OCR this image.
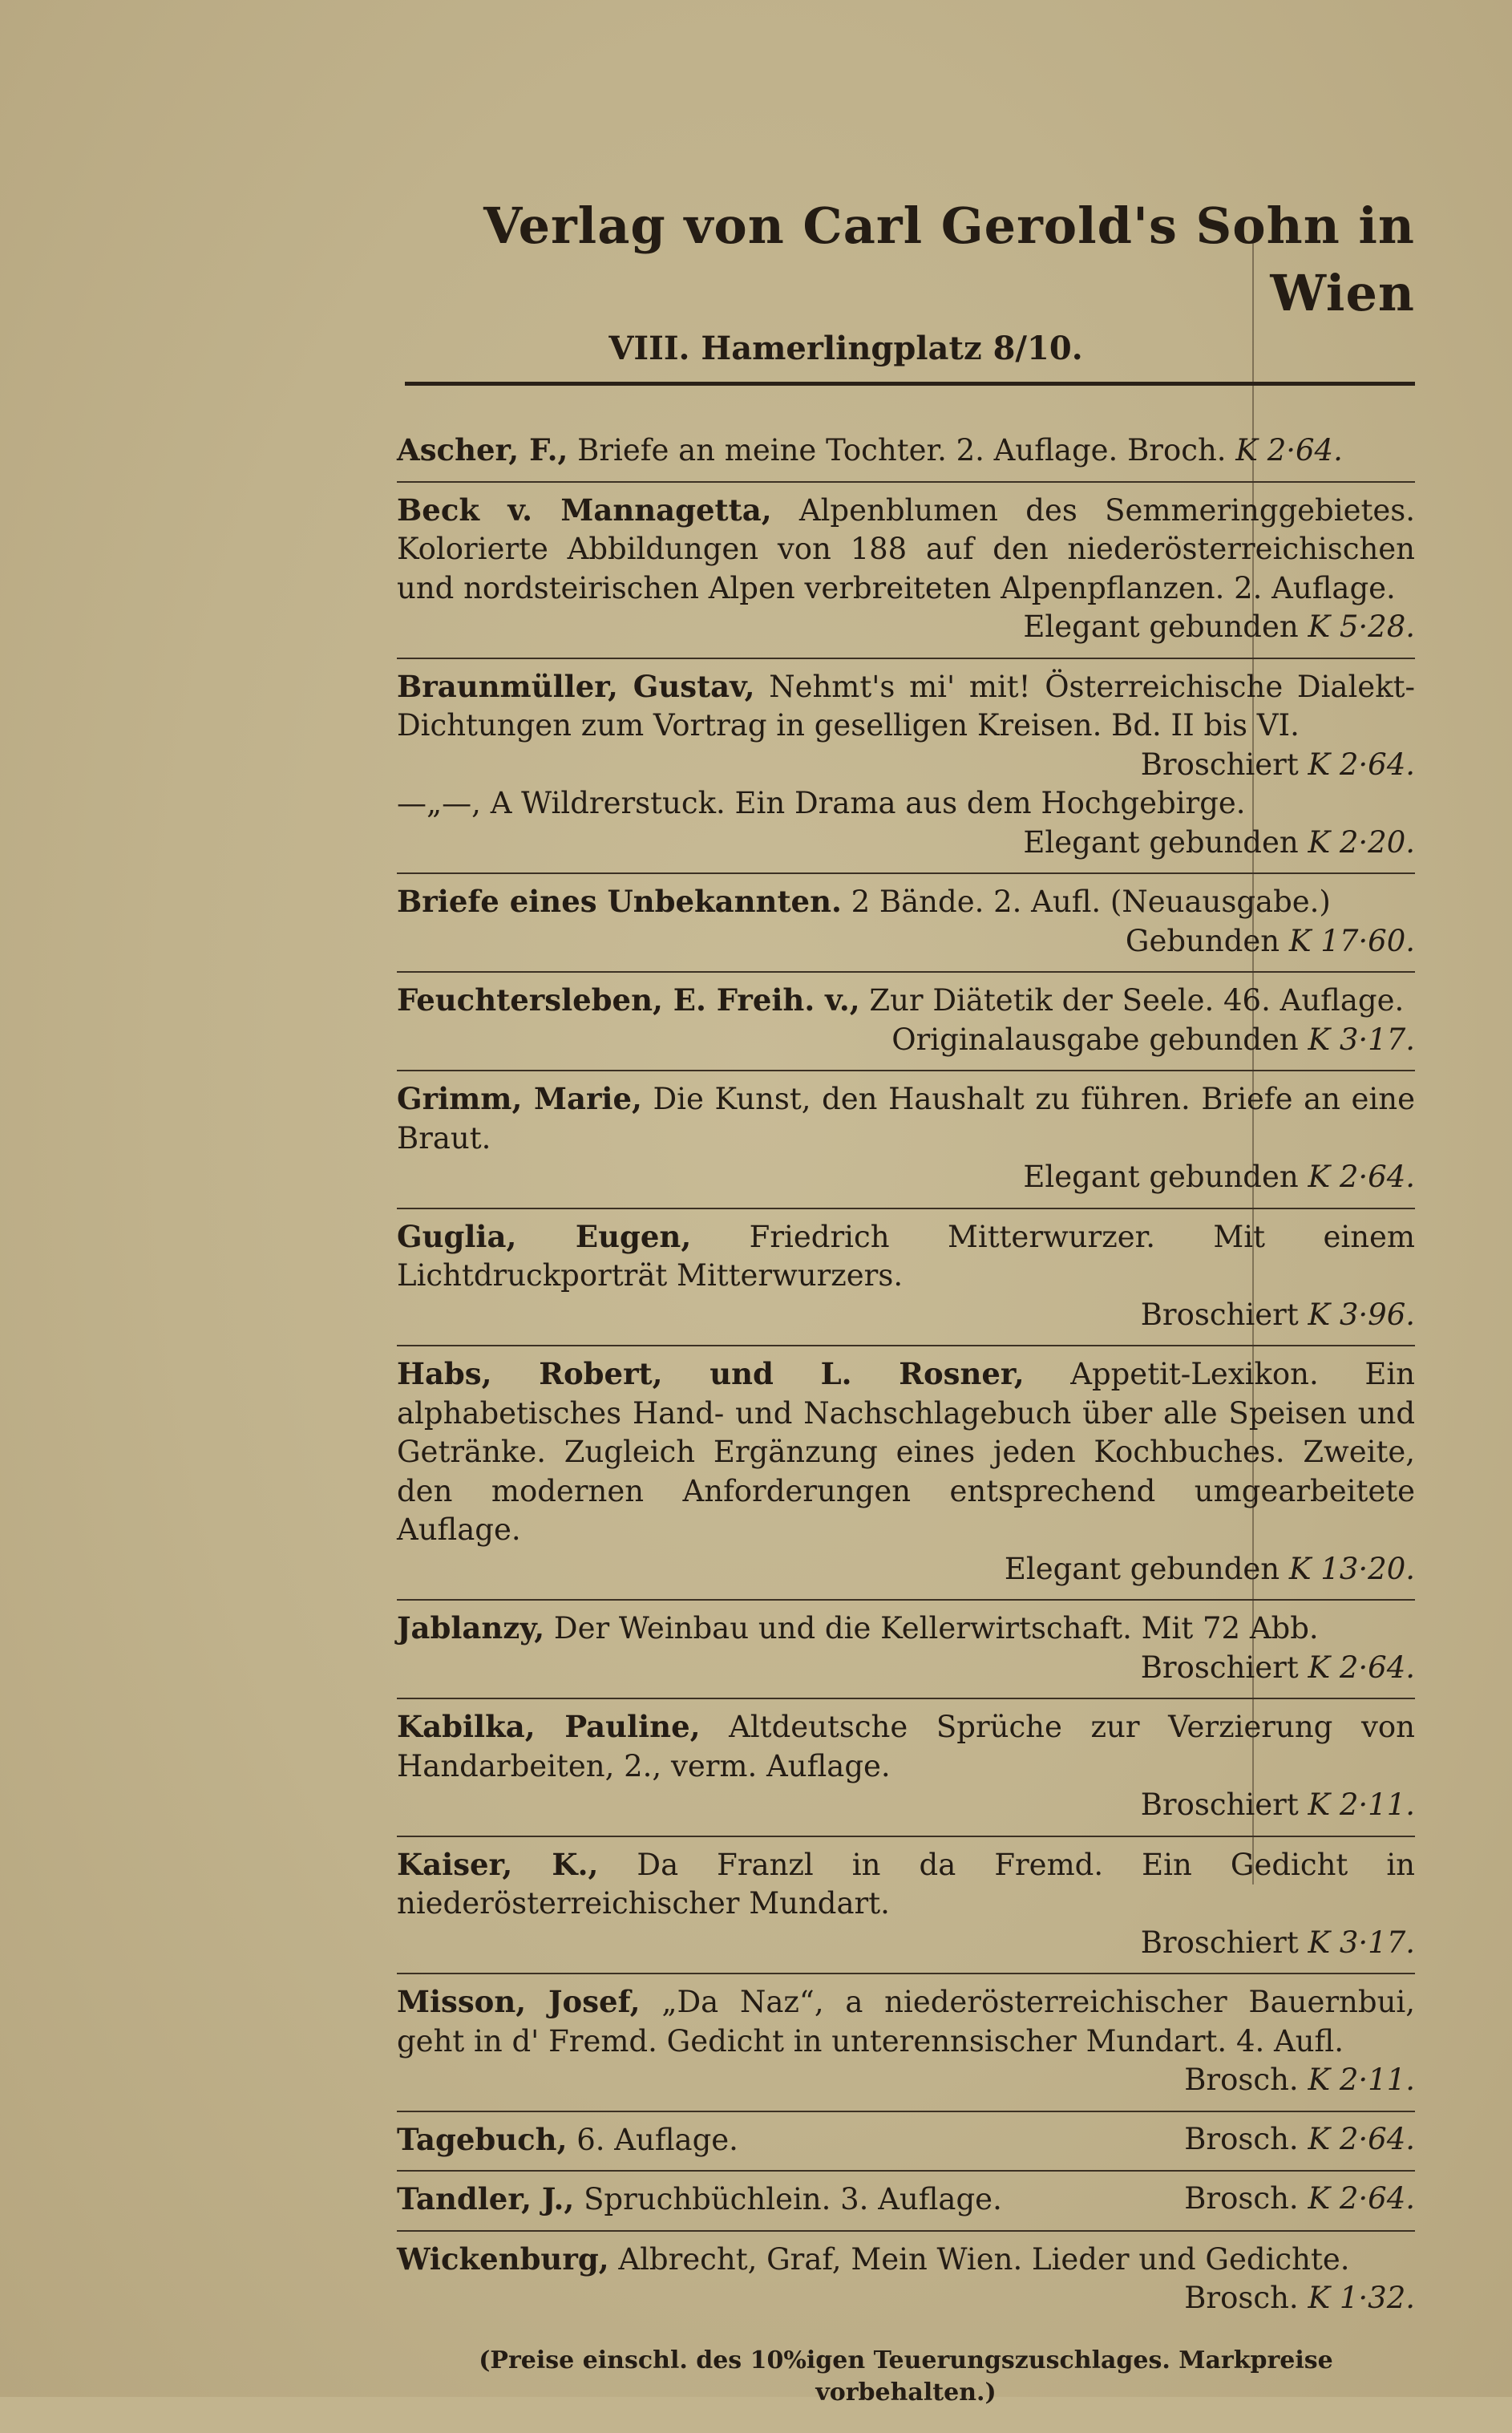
Verlag von Carl Gerold's Sohn in Wien

VIII. Hamerlingplatz 8/10.

Ascher, F., Briefe an meine Tochter. 2. Auflage. Broch. K 2·64.
Beck v. Mannagetta, Alpenblumen des Semmeringgebietes. Kolorierte Abbildungen von 188 auf den niederösterreichischen und nordsteirischen Alpen verbreiteten Alpenpflanzen. 2. Auflage.
Elegant gebunden K 5·28.
Braunmüller, Gustav, Nehmt's mi' mit! Österreichische Dialekt-Dichtungen zum Vortrag in geselligen Kreisen. Bd. II bis VI.
Broschiert K 2·64.
—„—, A Wildrerstuck. Ein Drama aus dem Hochgebirge.
Elegant gebunden K 2·20.
Briefe eines Unbekannten. 2 Bände. 2. Aufl. (Neuausgabe.)
Gebunden K 17·60.
Feuchtersleben, E. Freih. v., Zur Diätetik der Seele. 46. Auflage.
Originalausgabe gebunden K 3·17.
Grimm, Marie, Die Kunst, den Haushalt zu führen. Briefe an eine Braut.
Elegant gebunden K 2·64.
Guglia, Eugen, Friedrich Mitterwurzer. Mit einem Lichtdruckporträt Mitterwurzers.
Broschiert K 3·96.
Habs, Robert, und L. Rosner, Appetit-Lexikon. Ein alphabetisches Hand- und Nachschlagebuch über alle Speisen und Getränke. Zugleich Ergänzung eines jeden Kochbuches. Zweite, den modernen Anforderungen entsprechend umgearbeitete Auflage.
Elegant gebunden K 13·20.
Jablanzy, Der Weinbau und die Kellerwirtschaft. Mit 72 Abb.
Broschiert K 2·64.
Kabilka, Pauline, Altdeutsche Sprüche zur Verzierung von Handarbeiten, 2., verm. Auflage.
Broschiert K 2·11.
Kaiser, K., Da Franzl in da Fremd. Ein Gedicht in niederösterreichischer Mundart.
Broschiert K 3·17.
Misson, Josef, „Da Naz“, a niederösterreichischer Bauernbui, geht in d' Fremd. Gedicht in unterennsischer Mundart. 4. Aufl.
Brosch. K 2·11.
Tagebuch, 6. Auflage.	Brosch. K 2·64.
Tandler, J., Spruchbüchlein. 3. Auflage.	Brosch. K 2·64.
Wickenburg, Albrecht, Graf, Mein Wien. Lieder und Gedichte.
Brosch. K 1·32.

(Preise einschl. des 10%igen Teuerungszuschlages. Markpreise vorbehalten.)
